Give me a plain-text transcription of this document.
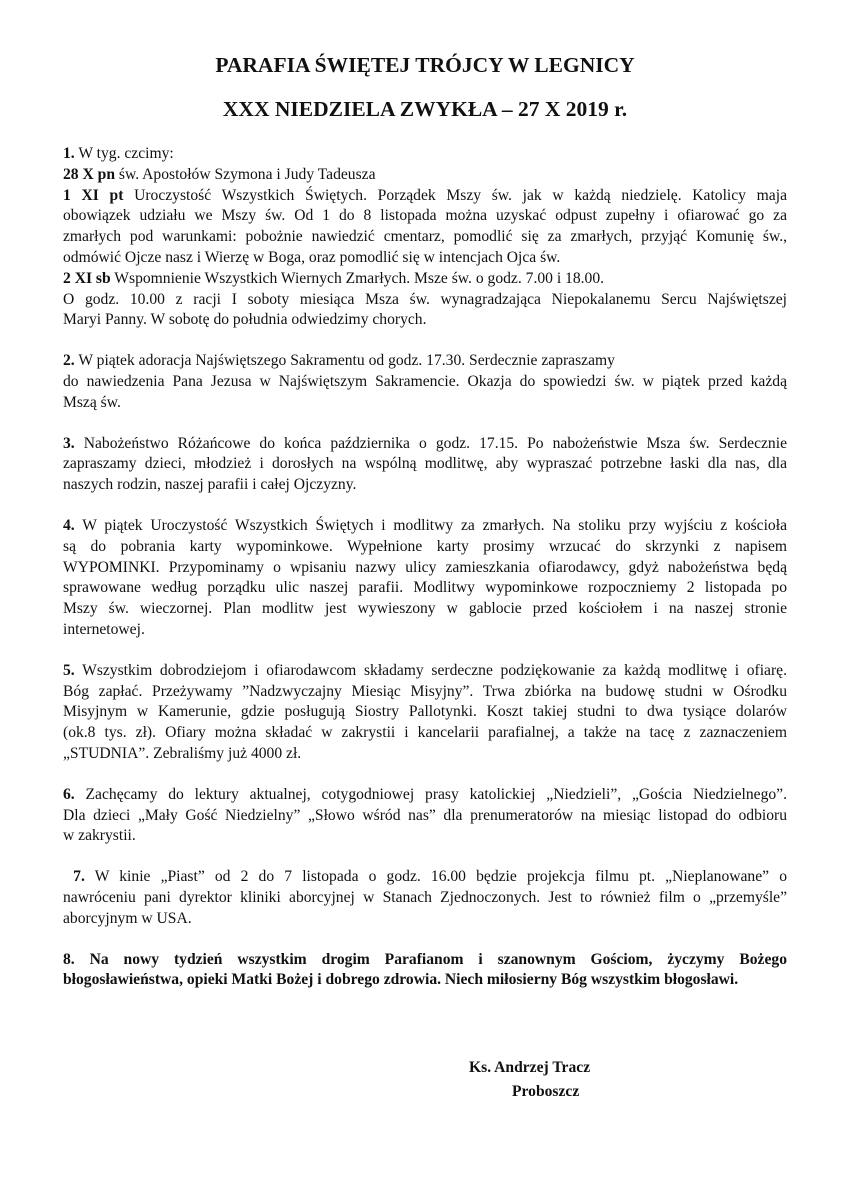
PARAFIA ŚWIĘTEJ TRÓJCY W LEGNICY
XXX NIEDZIELA ZWYKŁA – 27 X 2019 r.
1. W tyg. czcimy:
28 X pn św. Apostołów Szymona i Judy Tadeusza
1 XI pt Uroczystość Wszystkich Świętych. Porządek Mszy św. jak w każdą niedzielę. Katolicy maja
obowiązek udziału we Mszy św. Od 1 do 8 listopada można uzyskać odpust zupełny i ofiarować go za
zmarłych pod warunkami: pobożnie nawiedzić cmentarz, pomodlić się za zmarłych, przyjąć Komunię św.,
odmówić Ojcze nasz i Wierzę w Boga, oraz pomodlić się w intencjach Ojca św.
2 XI sb Wspomnienie Wszystkich Wiernych Zmarłych. Msze św. o godz. 7.00 i 18.00.
O godz. 10.00 z racji I soboty miesiąca Msza św. wynagradzająca Niepokalanemu Sercu Najświętszej
Maryi Panny. W sobotę do południa odwiedzimy chorych.
2. W piątek adoracja Najświętszego Sakramentu od godz. 17.30. Serdecznie zapraszamy
do nawiedzenia Pana Jezusa w Najświętszym Sakramencie. Okazja do spowiedzi św. w piątek przed każdą
Mszą św.
3. Nabożeństwo Różańcowe do końca października o godz. 17.15. Po nabożeństwie Msza św. Serdecznie
zapraszamy dzieci, młodzież i dorosłych na wspólną modlitwę, aby wypraszać potrzebne łaski dla nas, dla
naszych rodzin, naszej parafii i całej Ojczyzny.
4. W piątek Uroczystość Wszystkich Świętych i modlitwy za zmarłych. Na stoliku przy wyjściu z kościoła
są do pobrania karty wypominkowe. Wypełnione karty prosimy wrzucać do skrzynki z napisem
WYPOMINKI. Przypominamy o wpisaniu nazwy ulicy zamieszkania ofiarodawcy, gdyż nabożeństwa będą
sprawowane według porządku ulic naszej parafii. Modlitwy wypominkowe rozpoczniemy 2 listopada po
Mszy św. wieczornej. Plan modlitw jest wywieszony w gablocie przed kościołem i na naszej stronie
internetowej.
5. Wszystkim dobrodziejom i ofiarodawcom składamy serdeczne podziękowanie za każdą modlitwę i ofiarę.
Bóg zapłać. Przeżywamy ”Nadzwyczajny Miesiąc Misyjny”. Trwa zbiórka na budowę studni w Ośrodku
Misyjnym w Kamerunie, gdzie posługują Siostry Pallotynki. Koszt takiej studni to dwa tysiące dolarów
(ok.8 tys. zł). Ofiary można składać w zakrystii i kancelarii parafialnej, a także na tacę z zaznaczeniem
„STUDNIA”. Zebraliśmy już 4000 zł.
6. Zachęcamy do lektury aktualnej, cotygodniowej prasy katolickiej „Niedzieli”, „Gościa Niedzielnego”.
Dla dzieci „Mały Gość Niedzielny” „Słowo wśród nas” dla prenumeratorów na miesiąc listopad do odbioru
w zakrystii.
7. W kinie „Piast” od 2 do 7 listopada o godz. 16.00 będzie projekcja filmu pt. „Nieplanowane” o
nawróceniu pani dyrektor kliniki aborcyjnej w Stanach Zjednoczonych. Jest to również film o „przemyśle”
aborcyjnym w USA.
8. Na nowy tydzień wszystkim drogim Parafianom i szanownym Gościom, życzymy Bożego
błogosławieństwa, opieki Matki Bożej i dobrego zdrowia. Niech miłosierny Bóg wszystkim błogosławi.
Ks. Andrzej Tracz
Proboszcz
